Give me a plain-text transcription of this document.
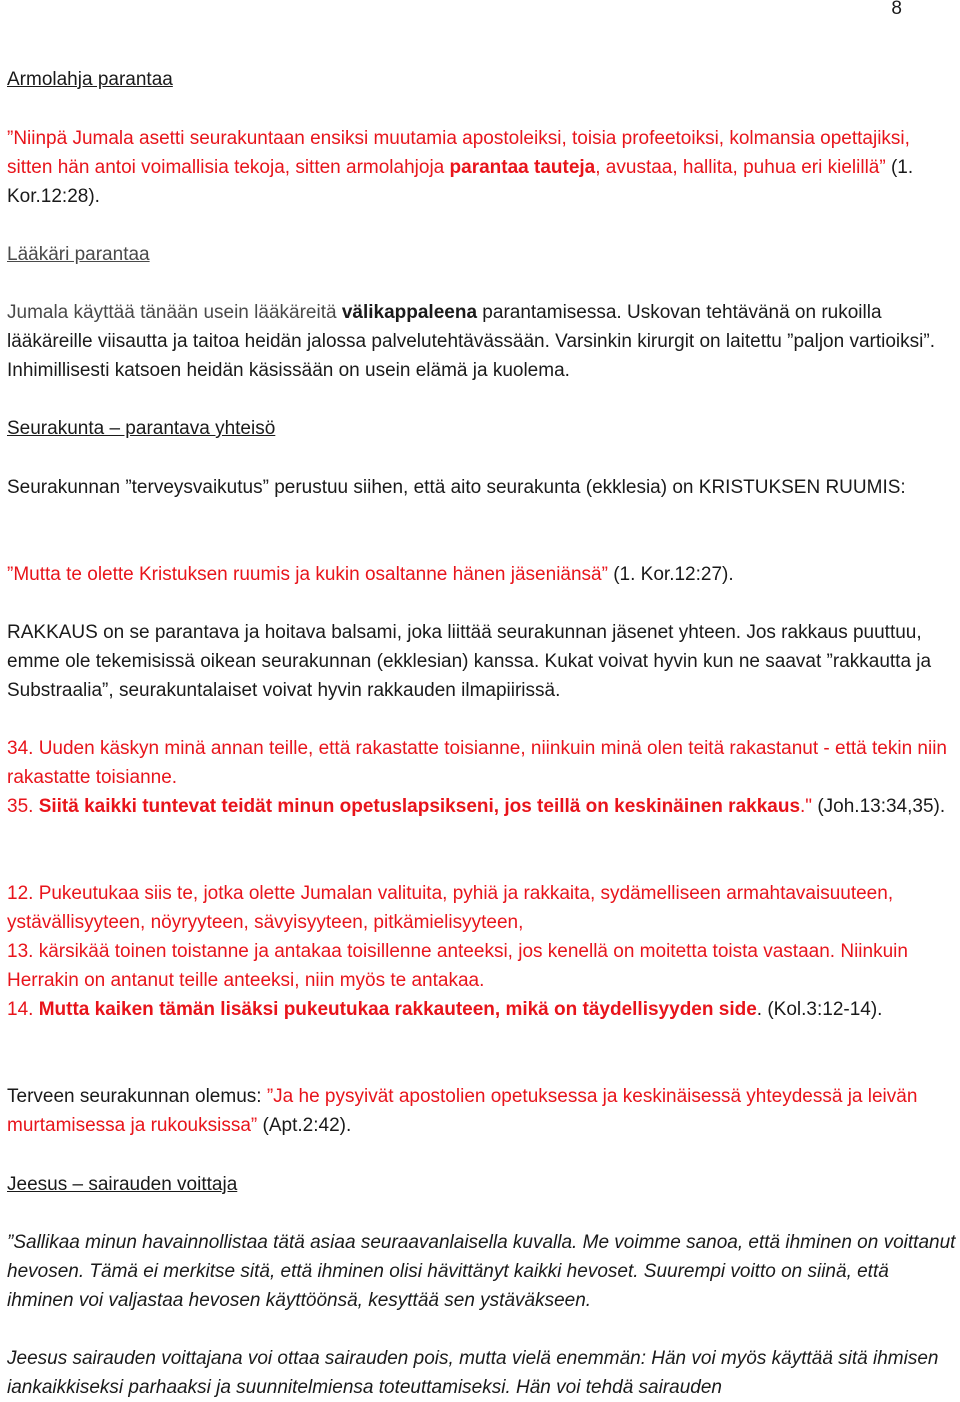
8

Armolahja parantaa

”Niinpä Jumala asetti seurakuntaan ensiksi muutamia apostoleiksi, toisia profeetoiksi, kolmansia opettajiksi, sitten hän antoi voimallisia tekoja, sitten armolahjoja parantaa tauteja, avustaa, hallita, puhua eri kielillä” (1. Kor.12:28).

Lääkäri parantaa

Jumala käyttää tänään usein lääkäreitä välikappaleena parantamisessa. Uskovan tehtävänä on rukoilla lääkäreille viisautta ja taitoa heidän jalossa palvelutehtävässään. Varsinkin kirurgit on laitettu ”paljon vartioiksi”. Inhimillisesti katsoen heidän käsissään on usein elämä ja kuolema.

Seurakunta – parantava yhteisö

Seurakunnan ”terveysvaikutus” perustuu siihen, että aito seurakunta (ekklesia) on KRISTUKSEN RUUMIS:

”Mutta te olette Kristuksen ruumis ja kukin osaltanne hänen jäseniänsä” (1. Kor.12:27).

RAKKAUS on se parantava ja hoitava balsami, joka liittää seurakunnan jäsenet yhteen. Jos rakkaus puuttuu, emme ole tekemisissä oikean seurakunnan (ekklesian) kanssa. Kukat voivat hyvin kun ne saavat ”rakkautta ja Substraalia”, seurakuntalaiset voivat hyvin rakkauden ilmapiirissä.

34. Uuden käskyn minä annan teille, että rakastatte toisianne, niinkuin minä olen teitä rakastanut - että tekin niin rakastatte toisianne.
35. Siitä kaikki tuntevat teidät minun opetuslapsikseni, jos teillä on keskinäinen rakkaus." (Joh.13:34,35).

12. Pukeutukaa siis te, jotka olette Jumalan valituita, pyhiä ja rakkaita, sydämelliseen armahtavaisuuteen, ystävällisyyteen, nöyryyteen, sävyisyyteen, pitkämielisyyteen,
13. kärsikää toinen toistanne ja antakaa toisillenne anteeksi, jos kenellä on moitetta toista vastaan. Niinkuin Herrakin on antanut teille anteeksi, niin myös te antakaa.
14. Mutta kaiken tämän lisäksi pukeutukaa rakkauteen, mikä on täydellisyyden side. (Kol.3:12-14).

Terveen seurakunnan olemus: ”Ja he pysyivät apostolien opetuksessa ja keskinäisessä yhteydessä ja leivän murtamisessa ja rukouksissa” (Apt.2:42).

Jeesus – sairauden voittaja

”Sallikaa minun havainnollistaa tätä asiaa seuraavanlaisella kuvalla. Me voimme sanoa, että ihminen on voittanut hevosen. Tämä ei merkitse sitä, että ihminen olisi hävittänyt kaikki hevoset. Suurempi voitto on siinä, että ihminen voi valjastaa hevosen käyttöönsä, kesyttää sen ystäväkseen.

Jeesus sairauden voittajana voi ottaa sairauden pois, mutta vielä enemmän: Hän voi myös käyttää sitä ihmisen iankaikkiseksi parhaaksi ja suunnitelmiensa toteuttamiseksi. Hän voi tehdä sairauden
